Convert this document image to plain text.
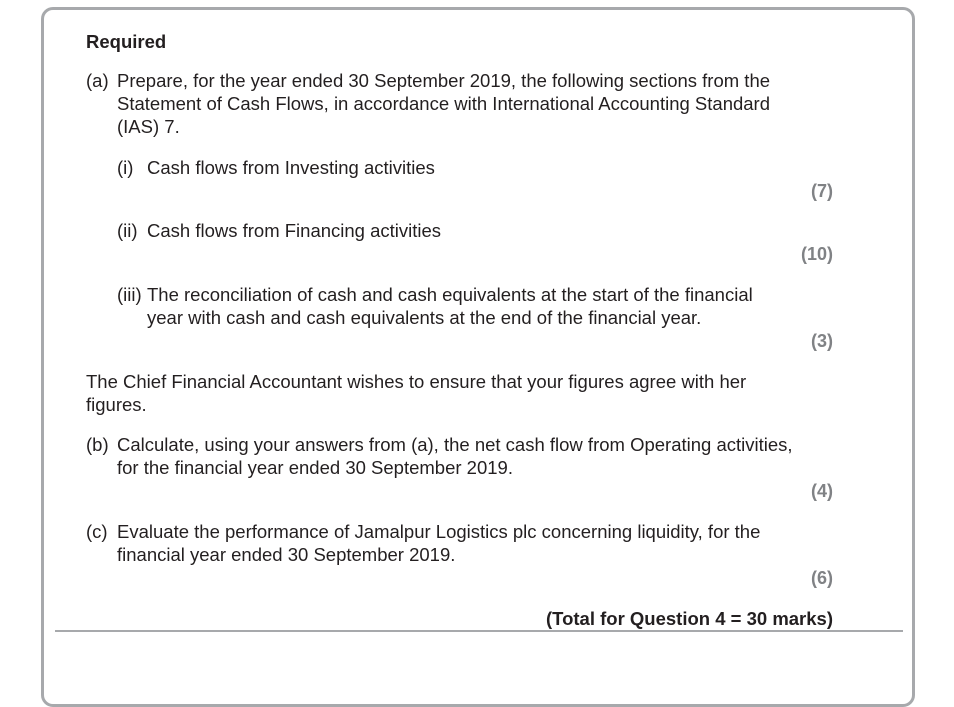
Required

(a) Prepare, for the year ended 30 September 2019, the following sections from the

Statement of Cash Flows, in accordance with International Accounting Standard

(IAS) 7.

(i) Cash flows from Investing activities

(7)
(ii) Cash flows from Financing activities

(10)
(iii) The reconciliation of cash and cash equivalents at the start of the financial

year with cash and cash equivalents at the end of the financial year.

(3)

The Chief Financial Accountant wishes to ensure that your figures agree with her

figures.

(b) Calculate, using your answers from (a), the net cash flow from Operating activities,

for the financial year ended 30 September 2019.

(4)
(c) Evaluate the performance of Jamalpur Logistics plc concerning liquidity, for the

financial year ended 30 September 2019.

(6)
(Total for Question 4 = 30 marks)
